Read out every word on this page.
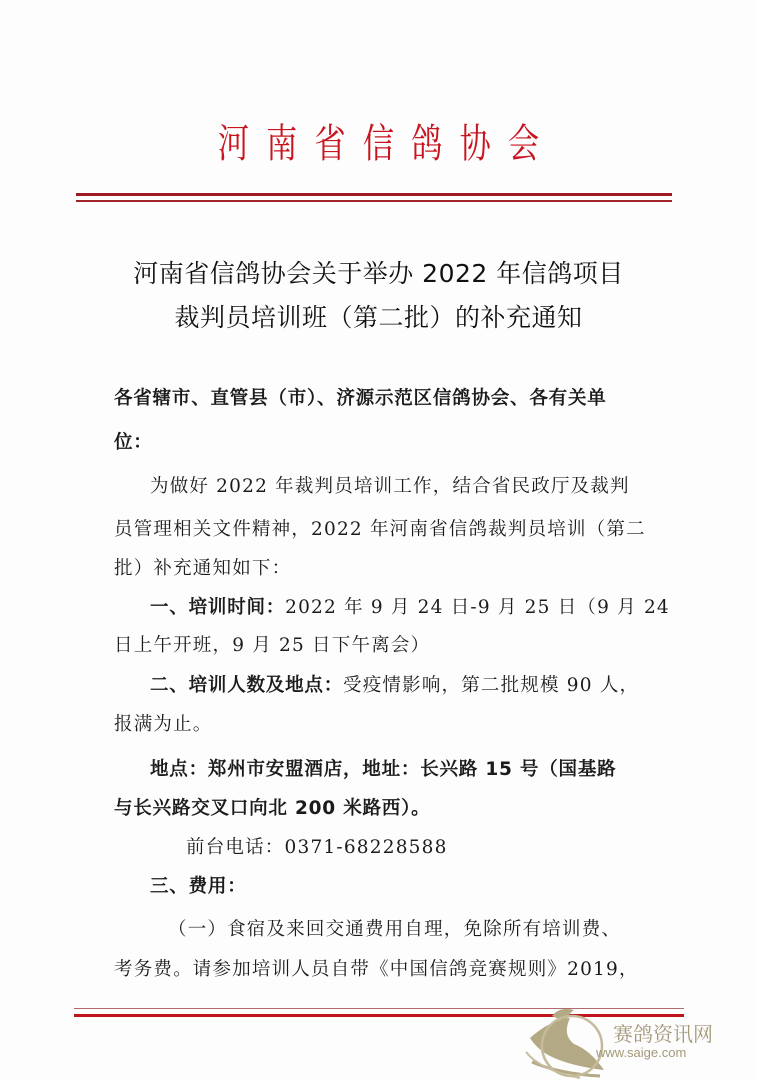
河南省信鸽协会
河南省信鸽协会关于举办 2022 年信鸽项目
裁判员培训班（第二批）的补充通知
各省辖市、直管县（市）、济源示范区信鸽协会、各有关单
位：
为做好 2022 年裁判员培训工作，结合省民政厅及裁判
员管理相关文件精神，2022 年河南省信鸽裁判员培训（第二
批）补充通知如下：
一、培训时间：2022 年 9 月 24 日-9 月 25 日（9 月 24
日上午开班，9 月 25 日下午离会）
二、培训人数及地点：受疫情影响，第二批规模 90 人，
报满为止。
地点：郑州市安盟酒店，地址：长兴路 15 号（国基路
与长兴路交叉口向北 200 米路西）。
前台电话：0371-68228588
三、费用：
（一）食宿及来回交通费用自理，免除所有培训费、
考务费。请参加培训人员自带《中国信鸽竞赛规则》2019，
赛鸽资讯网
www.saige.com
